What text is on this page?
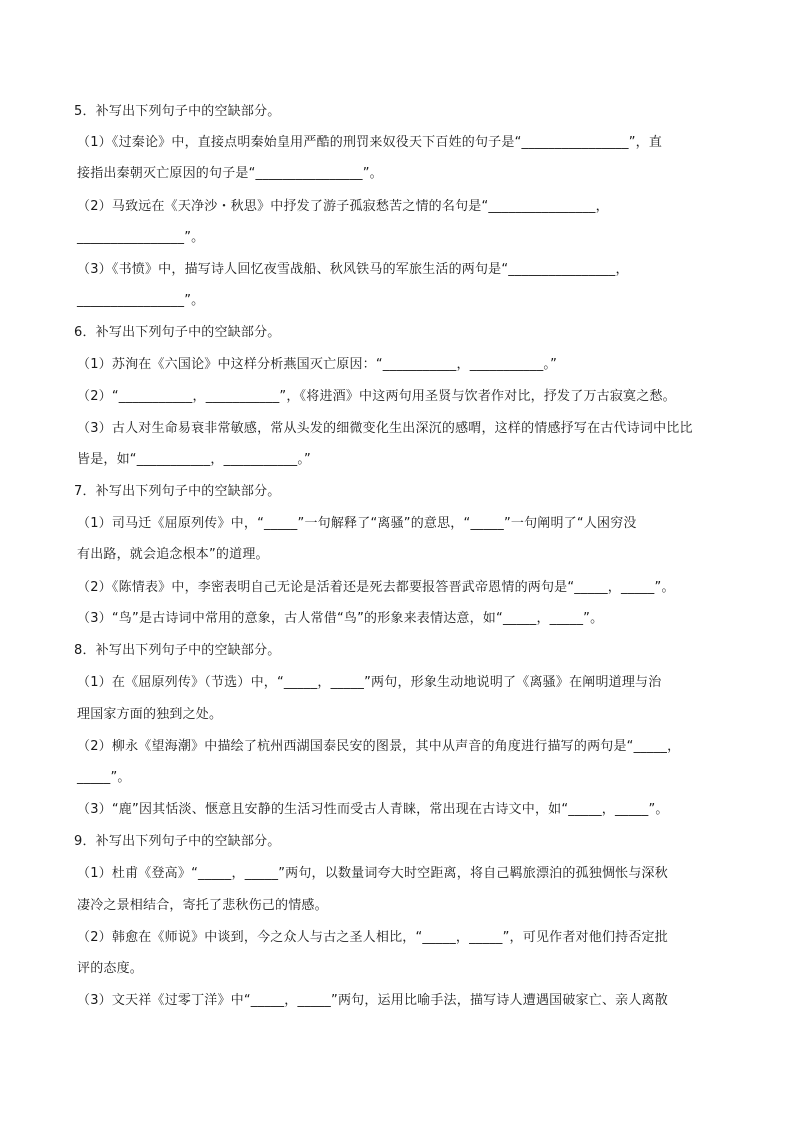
5．补写出下列句子中的空缺部分。
（1）《过秦论》中，直接点明秦始皇用严酷的刑罚来奴役天下百姓的句子是“________________”，直
接指出秦朝灭亡原因的句子是“________________”。
（2）马致远在《天净沙・秋思》中抒发了游子孤寂愁苦之情的名句是“________________，
________________”。
（3）《书愤》中，描写诗人回忆夜雪战船、秋风铁马的军旅生活的两句是“________________，
________________”。
6．补写出下列句子中的空缺部分。
（1）苏洵在《六国论》中这样分析燕国灭亡原因：“___________，___________。”
（2）“___________，___________”，《将进酒》中这两句用圣贤与饮者作对比，抒发了万古寂寞之愁。
（3）古人对生命易衰非常敏感，常从头发的细微变化生出深沉的感喟，这样的情感抒写在古代诗词中比比
皆是，如“___________，___________。”
7．补写出下列句子中的空缺部分。
（1）司马迁《屈原列传》中，“_____”一句解释了“离骚”的意思，“_____”一句阐明了“人困穷没
有出路，就会追念根本”的道理。
（2）《陈情表》中，李密表明自己无论是活着还是死去都要报答晋武帝恩情的两句是“_____，_____”。
（3）“鸟”是古诗词中常用的意象，古人常借“鸟”的形象来表情达意，如“_____，_____”。
8．补写出下列句子中的空缺部分。
（1）在《屈原列传》（节选）中，“_____，_____”两句，形象生动地说明了《离骚》在阐明道理与治
理国家方面的独到之处。
（2）柳永《望海潮》中描绘了杭州西湖国泰民安的图景，其中从声音的角度进行描写的两句是“_____，
_____”。
（3）“鹿”因其恬淡、惬意且安静的生活习性而受古人青睐，常出现在古诗文中，如“_____，_____”。
9．补写出下列句子中的空缺部分。
（1）杜甫《登高》“_____，_____”两句，以数量词夸大时空距离，将自己羁旅漂泊的孤独惆怅与深秋
凄冷之景相结合，寄托了悲秋伤己的情感。
（2）韩愈在《师说》中谈到，今之众人与古之圣人相比，“_____，_____”，可见作者对他们持否定批
评的态度。
（3）文天祥《过零丁洋》中“_____，_____”两句，运用比喻手法，描写诗人遭遇国破家亡、亲人离散
